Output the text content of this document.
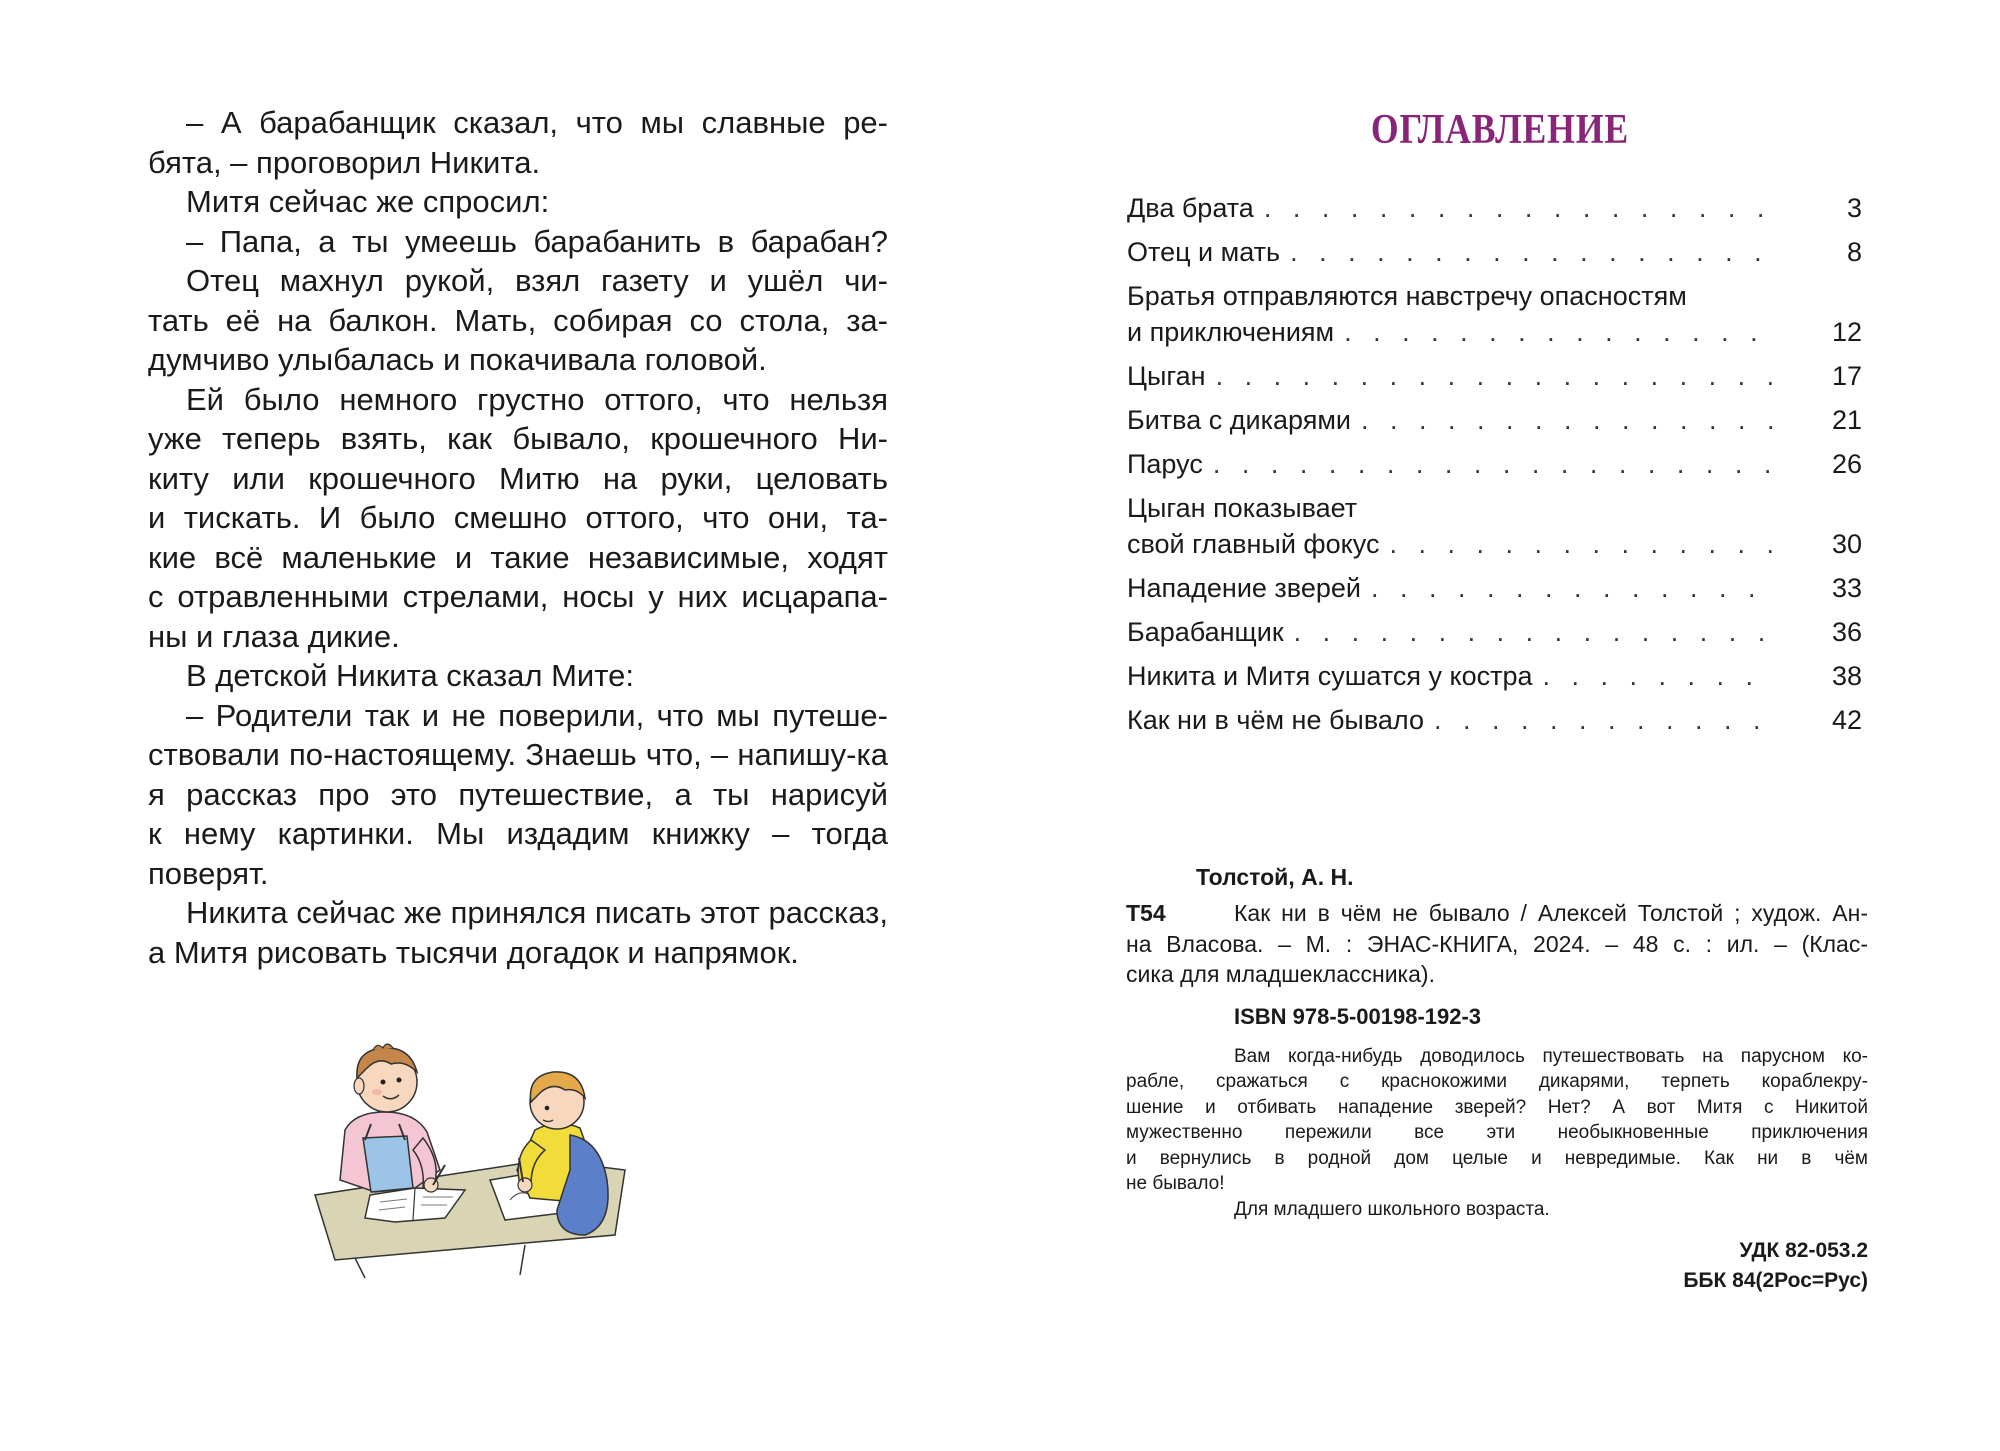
– А барабанщик сказал, что мы славные ре-
бята, – проговорил Никита.
Митя сейчас же спросил:
– Папа, а ты умеешь барабанить в барабан?
Отец махнул рукой, взял газету и ушёл чи-
тать её на балкон. Мать, собирая со стола, за-
думчиво улыбалась и покачивала головой.
Ей было немного грустно оттого, что нельзя
уже теперь взять, как бывало, крошечного Ни-
киту или крошечного Митю на руки, целовать
и тискать. И было смешно оттого, что они, та-
кие всё маленькие и такие независимые, ходят
с отравленными стрелами, носы у них исцарапа-
ны и глаза дикие.
В детской Никита сказал Мите:
– Родители так и не поверили, что мы путеше-
ствовали по-настоящему. Знаешь что, – напишу-ка
я рассказ про это путешествие, а ты нарисуй
к нему картинки. Мы издадим книжку – тогда
поверят.
Никита сейчас же принялся писать этот рассказ,
а Митя рисовать тысячи догадок и напрямок.
ОГЛАВЛЕНИЕ
Два брата . . .	3
Отец и мать . . .	8
Братья отправляются навстречу опасностям
и приключениям . . .	12
Цыган . . .	17
Битва с дикарями . . .	21
Парус . . .	26
Цыган показывает
свой главный фокус . . .	30
Нападение зверей . . .	33
Барабанщик . . .	36
Никита и Митя сушатся у костра . . .	38
Как ни в чём не бывало . . .	42
Толстой, А. Н.
Т54	Как ни в чём не бывало / Алексей Толстой ; худож. Ан-
на Власова. – М. : ЭНАС-КНИГА, 2024. – 48 с. : ил. – (Клас-
сика для младшеклассника).
ISBN 978-5-00198-192-3
Вам когда-нибудь доводилось путешествовать на парусном ко-
рабле, сражаться с краснокожими дикарями, терпеть кораблекру-
шение и отбивать нападение зверей? Нет? А вот Митя с Никитой
мужественно пережили все эти необыкновенные приключения
и вернулись в родной дом целые и невредимые. Как ни в чём
не бывало!
Для младшего школьного возраста.
УДК 82-053.2
ББК 84(2Рос=Рус)
